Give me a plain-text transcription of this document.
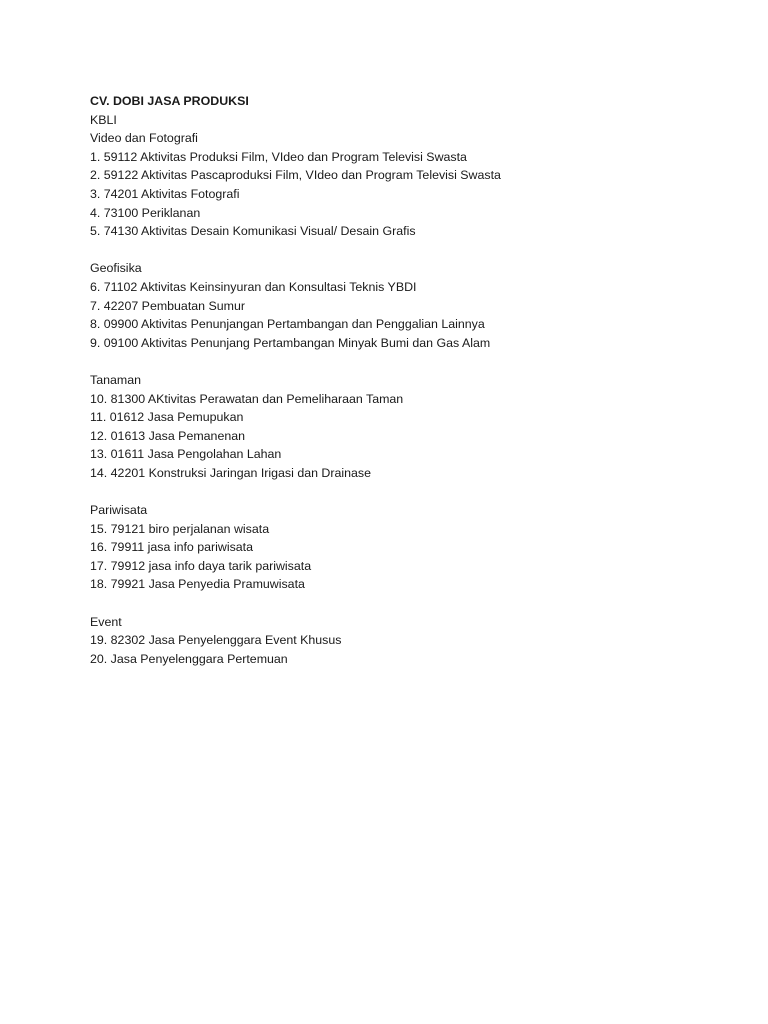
CV. DOBI JASA PRODUKSI
KBLI
Video dan Fotografi
1. 59112 Aktivitas Produksi Film, VIdeo dan Program Televisi Swasta
2. 59122 Aktivitas Pascaproduksi Film, VIdeo dan Program Televisi Swasta
3. 74201 Aktivitas Fotografi
4. 73100 Periklanan
5. 74130 Aktivitas Desain Komunikasi Visual/ Desain Grafis
Geofisika
6. 71102 Aktivitas Keinsinyuran dan Konsultasi Teknis YBDI
7. 42207 Pembuatan Sumur
8. 09900 Aktivitas Penunjangan Pertambangan dan Penggalian Lainnya
9. 09100 Aktivitas Penunjang Pertambangan Minyak Bumi dan Gas Alam
Tanaman
10. 81300 AKtivitas Perawatan dan Pemeliharaan Taman
11. 01612 Jasa Pemupukan
12. 01613 Jasa Pemanenan
13. 01611 Jasa Pengolahan Lahan
14. 42201 Konstruksi Jaringan Irigasi dan Drainase
Pariwisata
15. 79121 biro perjalanan wisata
16. 79911 jasa info pariwisata
17. 79912 jasa info daya tarik pariwisata
18. 79921 Jasa Penyedia Pramuwisata
Event
19. 82302 Jasa Penyelenggara Event Khusus
20. Jasa Penyelenggara Pertemuan
